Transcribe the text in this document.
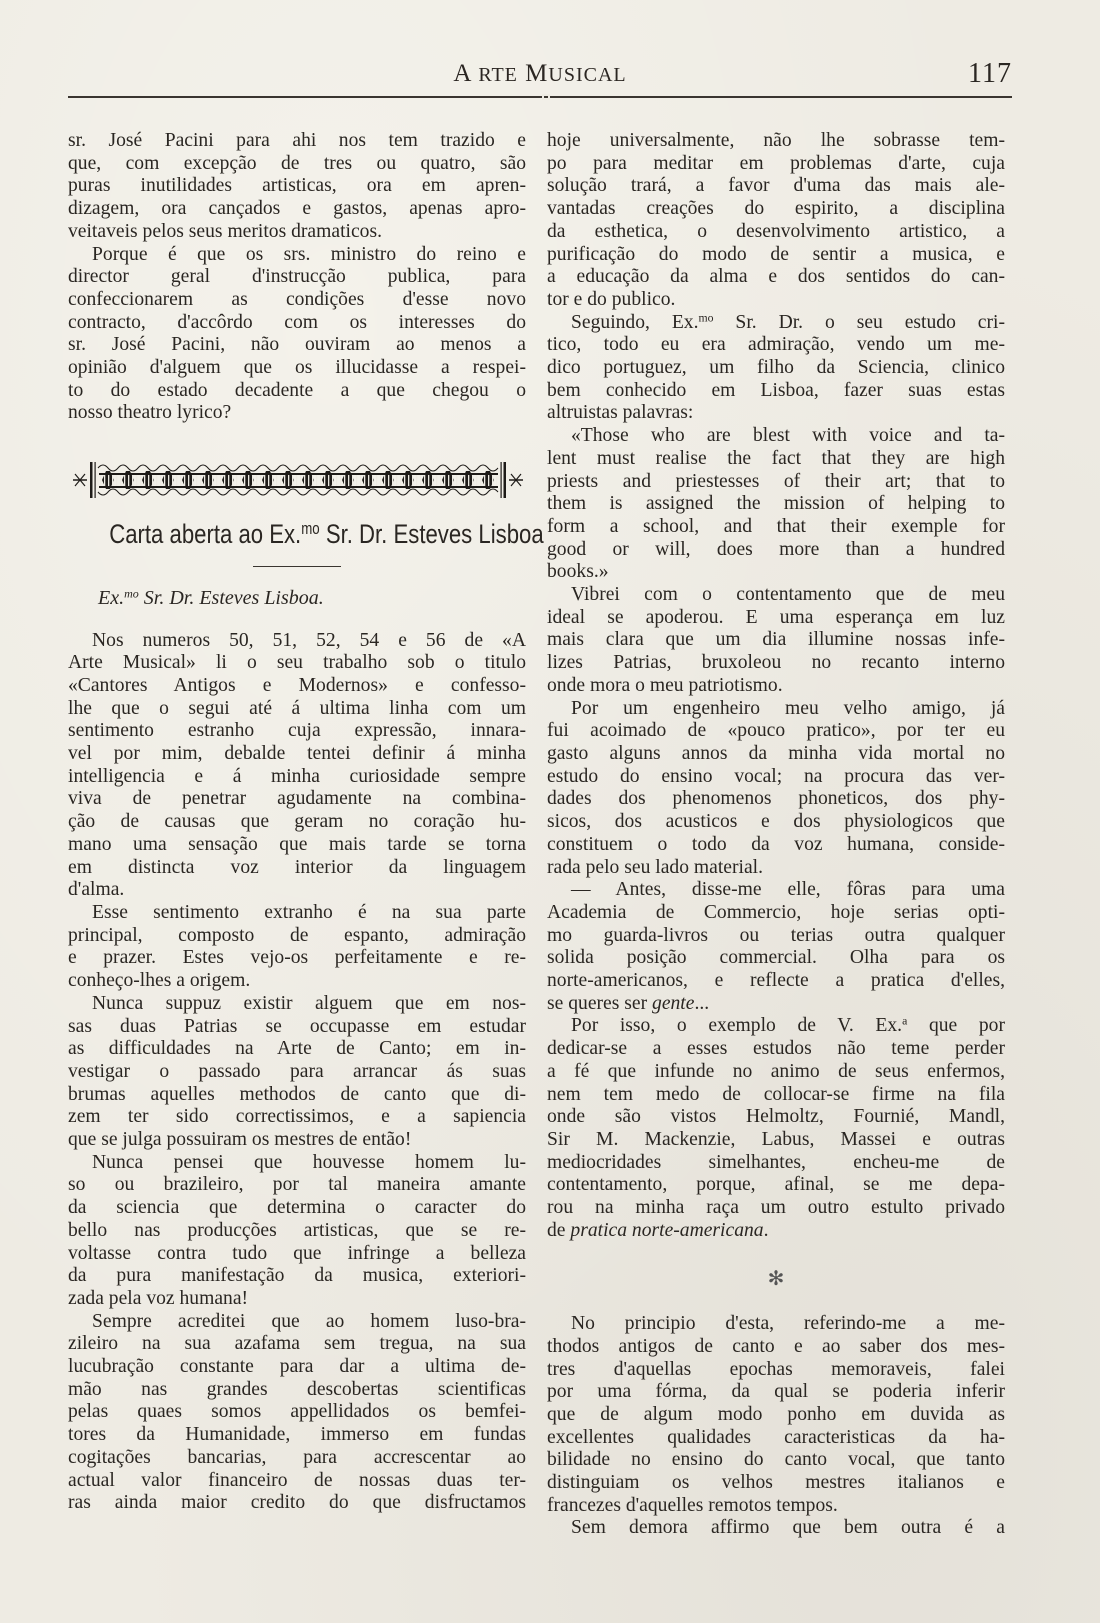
A RTE MUSICAL	117

sr. José Pacini para ahi nos tem trazido e
que, com excepção de tres ou quatro, são
puras inutilidades artisticas, ora em apren-
dizagem, ora cançados e gastos, apenas apro-
veitaveis pelos seus meritos dramaticos.

Porque é que os srs. ministro do reino e
director geral d'instrucção publica, para
confeccionarem as condições d'esse novo
contracto, d'accôrdo com os interesses do
sr. José Pacini, não ouviram ao menos a
opinião d'alguem que os illucidasse a respei-
to do estado decadente a que chegou o
nosso theatro lyrico?

Carta aberta ao Ex.$^{mo}$ Sr. Dr. Esteves Lisboa
Ex.$^{mo}$ Sr. Dr. Esteves Lisboa.

Nos numeros 50, 51, 52, 54 e 56 de «A
Arte Musical» li o seu trabalho sob o titulo
«Cantores Antigos e Modernos» e confesso-
lhe que o segui até á ultima linha com um
sentimento estranho cuja expressão, innara-
vel por mim, debalde tentei definir á minha
intelligencia e á minha curiosidade sempre
viva de penetrar agudamente na combina-
ção de causas que geram no coração hu-
mano uma sensação que mais tarde se torna
em distincta voz interior da linguagem
d'alma.

Esse sentimento extranho é na sua parte
principal, composto de espanto, admiração
e prazer. Estes vejo-os perfeitamente e re-
conheço-lhes a origem.

Nunca suppuz existir alguem que em nos-
sas duas Patrias se occupasse em estudar
as difficuldades na Arte de Canto; em in-
vestigar o passado para arrancar ás suas
brumas aquelles methodos de canto que di-
zem ter sido correctissimos, e a sapiencia
que se julga possuiram os mestres de então!

Nunca pensei que houvesse homem lu-
so ou brazileiro, por tal maneira amante
da sciencia que determina o caracter do
bello nas producções artisticas, que se re-
voltasse contra tudo que infringe a belleza
da pura manifestação da musica, exteriori-
zada pela voz humana!

Sempre acreditei que ao homem luso-bra-
zileiro na sua azafama sem tregua, na sua
lucubração constante para dar a ultima de-
mão nas grandes descobertas scientificas
pelas quaes somos appellidados os bemfei-
tores da Humanidade, immerso em fundas
cogitações bancarias, para accrescentar ao
actual valor financeiro de nossas duas ter-
ras ainda maior credito do que disfructamos

hoje universalmente, não lhe sobrasse tem-
po para meditar em problemas d'arte, cuja
solução trará, a favor d'uma das mais ale-
vantadas creações do espirito, a disciplina
da esthetica, o desenvolvimento artistico, a
purificação do modo de sentir a musica, e
a educação da alma e dos sentidos do can-
tor e do publico.

Seguindo, Ex.$^{mo}$ Sr. Dr. o seu estudo cri-
tico, todo eu era admiração, vendo um me-
dico portuguez, um filho da Sciencia, clinico
bem conhecido em Lisboa, fazer suas estas
altruistas palavras:

«Those who are blest with voice and ta-
lent must realise the fact that they are high
priests and priestesses of their art; that to
them is assigned the mission of helping to
form a school, and that their exemple for
good or will, does more than a hundred
books.»

Vibrei com o contentamento que de meu
ideal se apoderou. E uma esperança em luz
mais clara que um dia illumine nossas infe-
lizes Patrias, bruxoleou no recanto interno
onde mora o meu patriotismo.

Por um engenheiro meu velho amigo, já
fui acoimado de «pouco pratico», por ter eu
gasto alguns annos da minha vida mortal no
estudo do ensino vocal; na procura das ver-
dades dos phenomenos phoneticos, dos phy-
sicos, dos acusticos e dos physiologicos que
constituem o todo da voz humana, conside-
rada pelo seu lado material.

— Antes, disse-me elle, fôras para uma
Academia de Commercio, hoje serias opti-
mo guarda-livros ou terias outra qualquer
solida posição commercial. Olha para os
norte-americanos, e reflecte a pratica d'elles,
se queres ser gente...

Por isso, o exemplo de V. Ex.$^a$ que por
dedicar-se a esses estudos não teme perder
a fé que infunde no animo de seus enfermos,
nem tem medo de collocar-se firme na fila
onde são vistos Helmoltz, Fournié, Mandl,
Sir M. Mackenzie, Labus, Massei e outras
mediocridades simelhantes, encheu-me de
contentamento, porque, afinal, se me depa-
rou na minha raça um outro estulto privado
de pratica norte-americana.

✻

No principio d'esta, referindo-me a me-
thodos antigos de canto e ao saber dos mes-
tres d'aquellas epochas memoraveis, falei
por uma fórma, da qual se poderia inferir
que de algum modo ponho em duvida as
excellentes qualidades caracteristicas da ha-
bilidade no ensino do canto vocal, que tanto
distinguiam os velhos mestres italianos e
francezes d'aquelles remotos tempos.

Sem demora affirmo que bem outra é a
